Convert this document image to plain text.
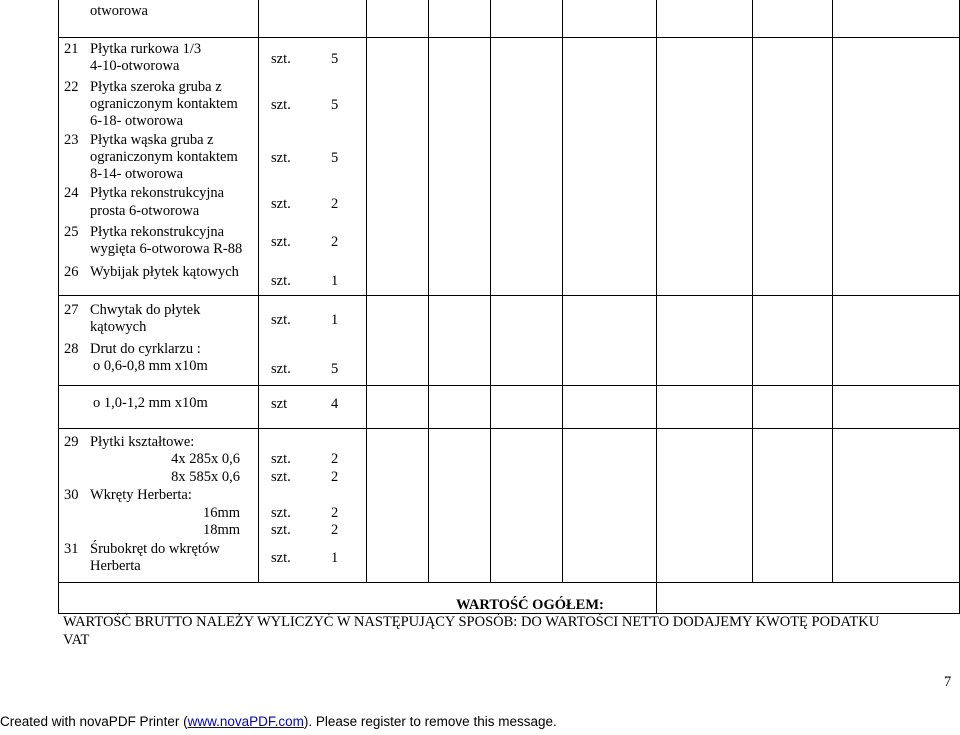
otworowa
21 Płytka rurkowa 1/3
4-10-otworowa	szt.	5
22 Płytka szeroka gruba z
ograniczonym kontaktem
6-18- otworowa
szt.	5
23 Płytka wąska gruba z
ograniczonym kontaktem
8-14- otworowa
szt.	5
24 Płytka rekonstrukcyjna
prosta 6-otworowa	szt.	2
25 Płytka rekonstrukcyjna
wygięta 6-otworowa R-88 szt.	2
26 Wybijak płytek kątowych
szt.	1
27 Chwytak do płytek
kątowych	szt.	1
28 Drut do cyrklarzu :
o 0,6-0,8 mm x10m	szt.	5
o 1,0-1,2 mm x10m	szt	4
29 Płytki kształtowe:
4x 285x 0,6 szt.	2
8x 585x 0,6 szt.	2
30 Wkręty Herberta:
16mm szt.	2
18mm szt.	2
31 Śrubokręt do wkrętów
Herberta	szt.	1
WARTOŚĆ OGÓŁEM:
WARTOŚĆ BRUTTO NALEŻY WYLICZYĆ W NASTĘPUJĄCY SPOSÓB: DO WARTOŚCI NETTO DODAJEMY KWOTĘ PODATKU
VAT
7
Created with novaPDF Printer (www.novaPDF.com). Please register to remove this message.
